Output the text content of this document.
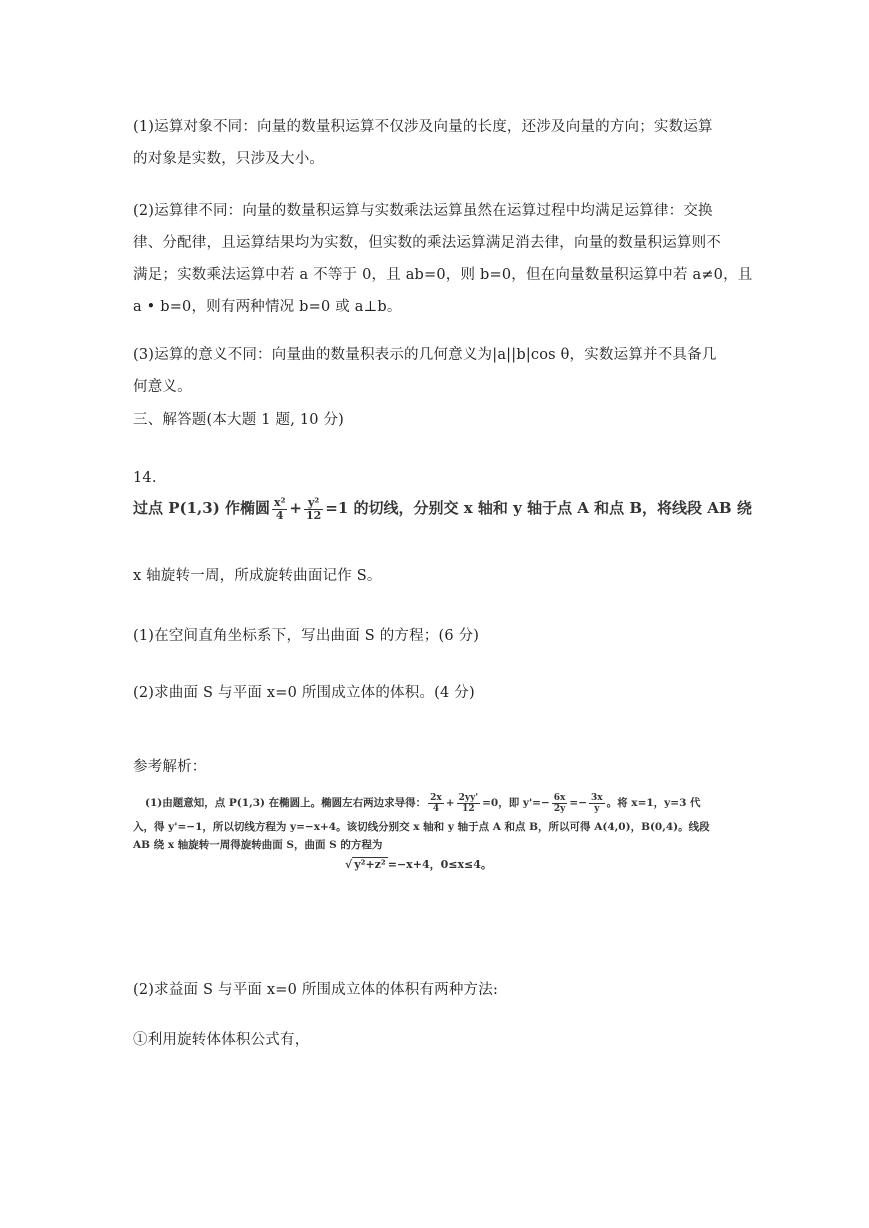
(1)运算对象不同：向量的数量积运算不仅涉及向量的长度，还涉及向量的方向；实数运算
的对象是实数，只涉及大小。
(2)运算律不同：向量的数量积运算与实数乘法运算虽然在运算过程中均满足运算律：交换
律、分配律，且运算结果均为实数，但实数的乘法运算满足消去律，向量的数量积运算则不
满足；实数乘法运算中若 a 不等于 0，且 ab=0，则 b=0，但在向量数量积运算中若 a≠0，且
a • b=0，则有两种情况 b=0 或 a⊥b。
(3)运算的意义不同：向量曲的数量积表示的几何意义为|a||b|cos θ，实数运算并不具备几
何意义。
三、解答题(本大题 1 题, 10 分)
14.
过点 P(1,3) 作椭圆 $\frac{\text{x²}}{4} + \frac{\text{y²}}{12} =1$ 的切线，分别交 x 轴和 y 轴于点 A 和点 B，将线段 AB 绕
x 轴旋转一周，所成旋转曲面记作 S。
(1)在空间直角坐标系下，写出曲面 S 的方程；(6 分)
(2)求曲面 S 与平面 x=0 所围成立体的体积。(4 分)
参考解析：
(1)由题意知，点 P(1,3) 在椭圆上。椭圆左右两边求导得： $\frac{2x}{4} + \frac{2yy'}{12} =0$，即 $y'=- \frac{6x}{2y} =- \frac{3x}{y}$ 。将 x=1，y=3 代
入，得 y'=−1，所以切线方程为 y=−x+4。该切线分别交 x 轴和 y 轴于点 A 和点 B，所以可得 A(4,0)，B(0,4)。线段
AB 绕 x 轴旋转一周得旋转曲面 S，曲面 S 的方程为
√ y²+z² =−x+4，0≤x≤4。
(2)求益面 S 与平面 x=0 所围成立体的体积有两种方法:
①利用旋转体体积公式有，
